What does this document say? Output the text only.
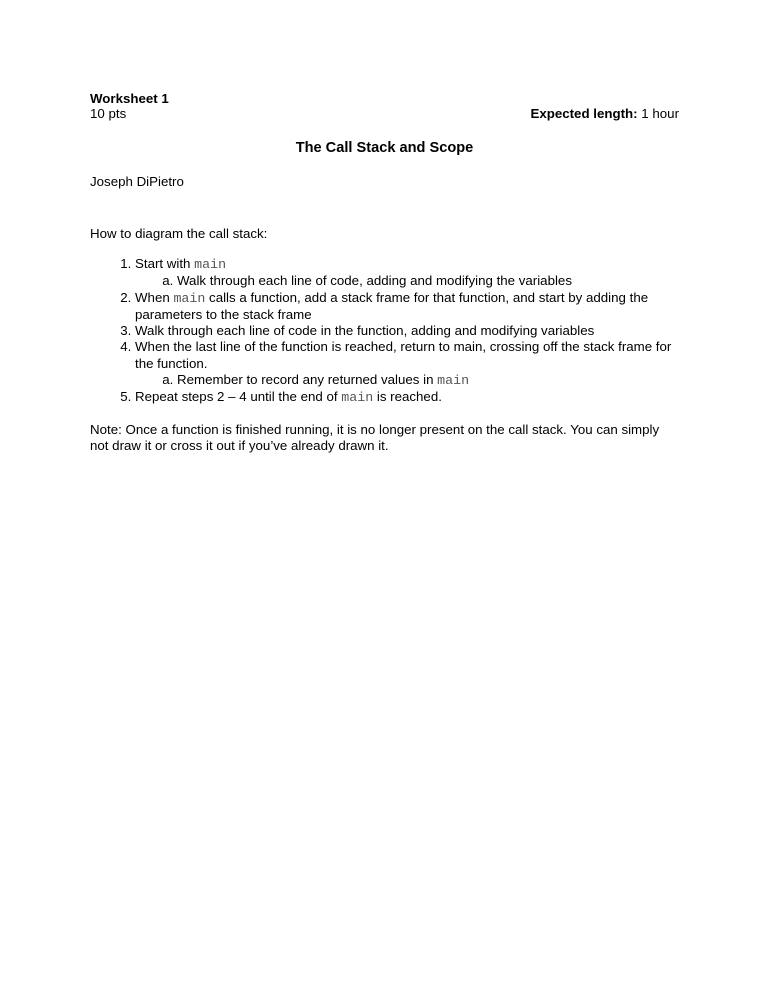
Worksheet 1
10 pts	Expected length: 1 hour
The Call Stack and Scope
Joseph DiPietro
How to diagram the call stack:
1. Start with main
a. Walk through each line of code, adding and modifying the variables
2. When main calls a function, add a stack frame for that function, and start by adding the parameters to the stack frame
3. Walk through each line of code in the function, adding and modifying variables
4. When the last line of the function is reached, return to main, crossing off the stack frame for the function.
a. Remember to record any returned values in main
5. Repeat steps 2 – 4 until the end of main is reached.
Note: Once a function is finished running, it is no longer present on the call stack. You can simply not draw it or cross it out if you’ve already drawn it.
